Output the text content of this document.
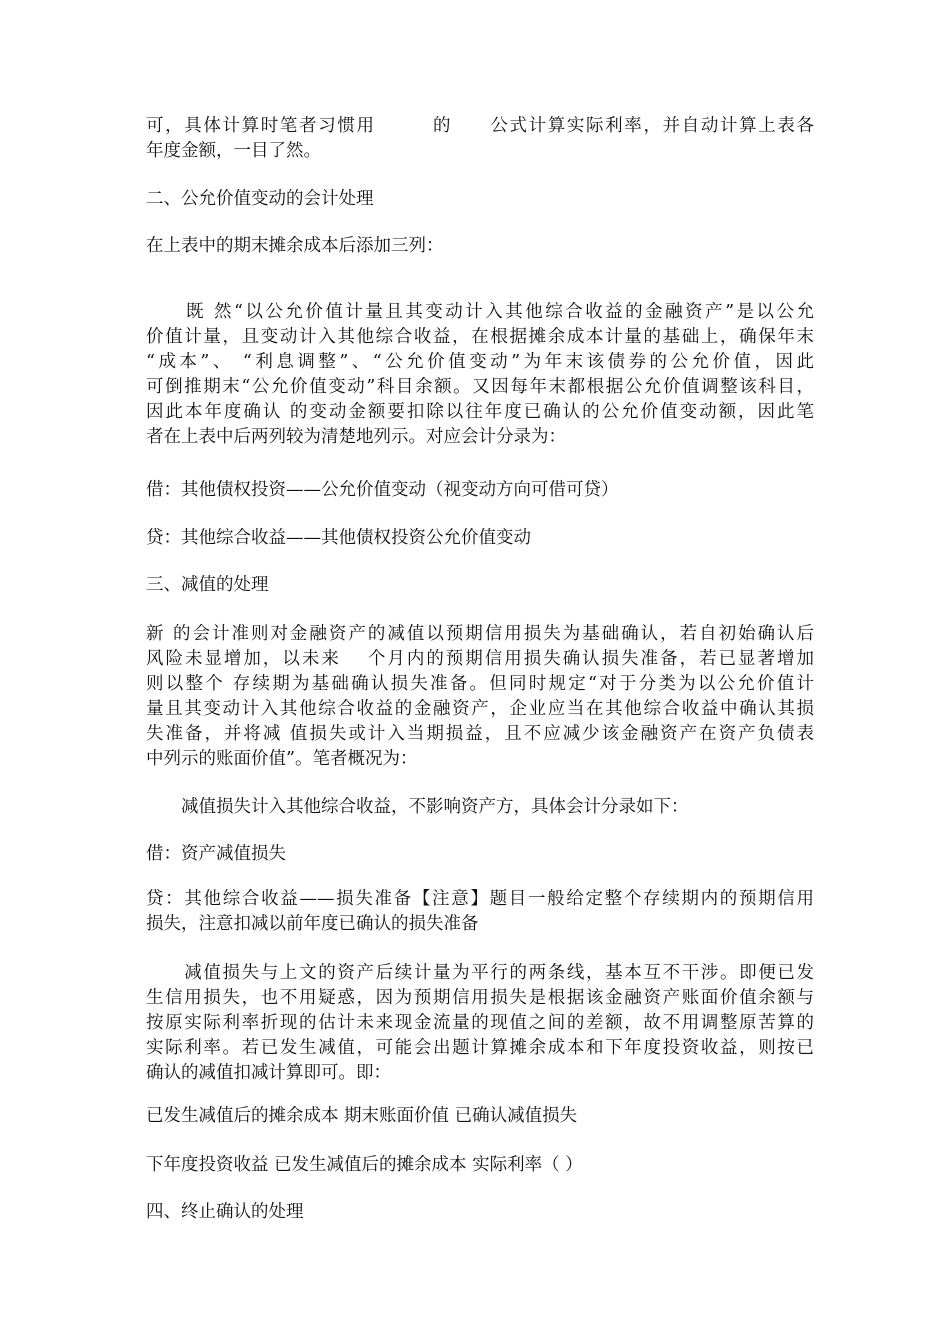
可，具体计算时笔者习惯用　　　的　　公式计算实际利率，并自动计算上表各
年度金额，一目了然。
二、公允价值变动的会计处理
在上表中的期末摊余成本后添加三列：
　　既 然“以公允价值计量且其变动计入其他综合收益的金融资产”是以公允
价值计量，且变动计入其他综合收益，在根据摊余成本计量的基础上，确保年末
“成本”、 “利息调整”、“公允价值变动”为年末该债券的公允价值，因此
可倒推期末“公允价值变动”科目余额。又因每年末都根据公允价值调整该科目，
因此本年度确认 的变动金额要扣除以往年度已确认的公允价值变动额，因此笔
者在上表中后两列较为清楚地列示。对应会计分录为：
借：其他债权投资——公允价值变动（视变动方向可借可贷）
贷：其他综合收益——其他债权投资公允价值变动
三、减值的处理
新 的会计准则对金融资产的减值以预期信用损失为基础确认，若自初始确认后
风险未显增加，以未来　 个月内的预期信用损失确认损失准备，若已显著增加
则以整个 存续期为基础确认损失准备。但同时规定“对于分类为以公允价值计
量且其变动计入其他综合收益的金融资产，企业应当在其他综合收益中确认其损
失准备，并将减 值损失或计入当期损益，且不应减少该金融资产在资产负债表
中列示的账面价值”。笔者概况为：
　　减值损失计入其他综合收益，不影响资产方，具体会计分录如下：
借：资产减值损失
贷：其他综合收益——损失准备【注意】题目一般给定整个存续期内的预期信用
损失，注意扣减以前年度已确认的损失准备
　　减值损失与上文的资产后续计量为平行的两条线，基本互不干涉。即便已发
生信用损失，也不用疑惑，因为预期信用损失是根据该金融资产账面价值余额与
按原实际利率折现的估计未来现金流量的现值之间的差额，故不用调整原苦算的
实际利率。若已发生减值，可能会出题计算摊余成本和下年度投资收益，则按已
确认的减值扣减计算即可。即：
已发生减值后的摊余成本 期末账面价值 已确认减值损失
下年度投资收益 已发生减值后的摊余成本 实际利率（ ）
四、终止确认的处理
